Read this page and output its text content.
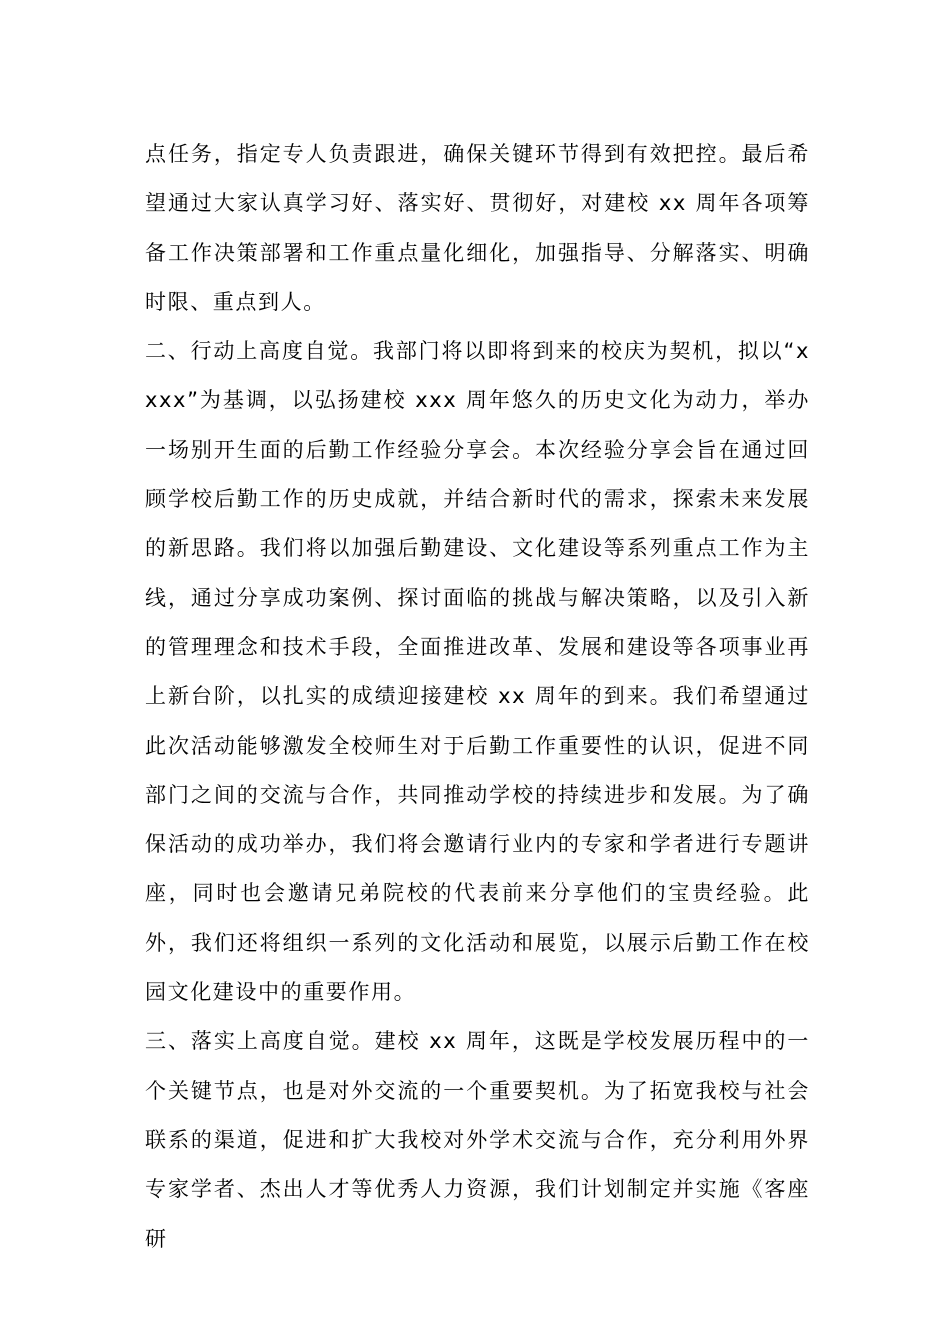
点任务，指定专人负责跟进，确保关键环节得到有效把控。最后希望通过大家认真学习好、落实好、贯彻好，对建校 xx 周年各项筹备工作决策部署和工作重点量化细化，加强指导、分解落实、明确时限、重点到人。

二、行动上高度自觉。我部门将以即将到来的校庆为契机，拟以“xxxx”为基调，以弘扬建校 xxx 周年悠久的历史文化为动力，举办一场别开生面的后勤工作经验分享会。本次经验分享会旨在通过回顾学校后勤工作的历史成就，并结合新时代的需求，探索未来发展的新思路。我们将以加强后勤建设、文化建设等系列重点工作为主线，通过分享成功案例、探讨面临的挑战与解决策略，以及引入新的管理理念和技术手段，全面推进改革、发展和建设等各项事业再上新台阶，以扎实的成绩迎接建校 xx 周年的到来。我们希望通过此次活动能够激发全校师生对于后勤工作重要性的认识，促进不同部门之间的交流与合作，共同推动学校的持续进步和发展。为了确保活动的成功举办，我们将会邀请行业内的专家和学者进行专题讲座，同时也会邀请兄弟院校的代表前来分享他们的宝贵经验。此外，我们还将组织一系列的文化活动和展览，以展示后勤工作在校园文化建设中的重要作用。

三、落实上高度自觉。建校 xx 周年，这既是学校发展历程中的一个关键节点，也是对外交流的一个重要契机。为了拓宽我校与社会联系的渠道，促进和扩大我校对外学术交流与合作，充分利用外界专家学者、杰出人才等优秀人力资源，我们计划制定并实施《客座研
